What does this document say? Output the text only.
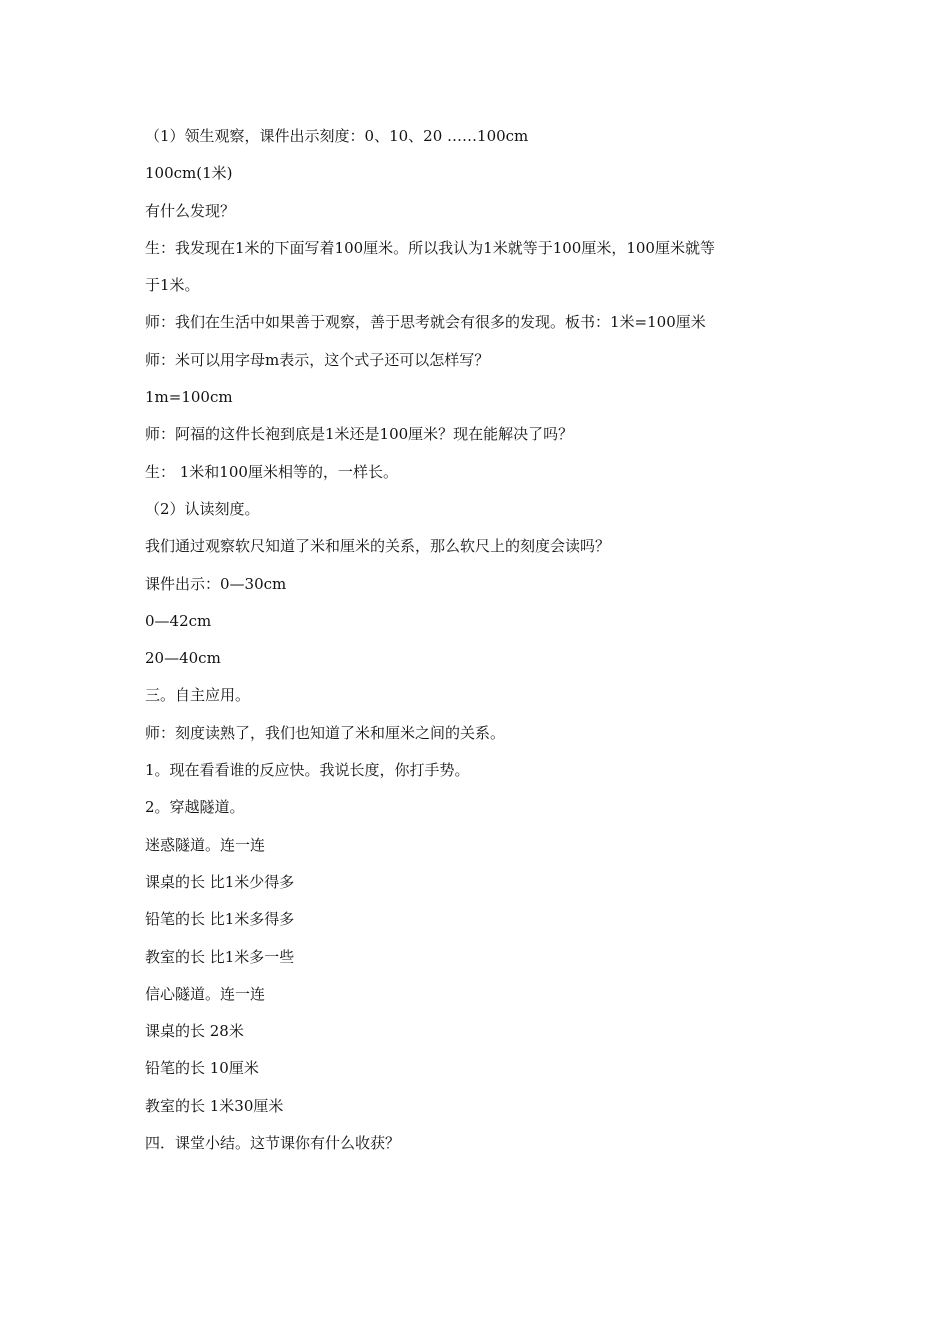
（1）领生观察，课件出示刻度：0、10、20 ……100cm
100cm(1米)
有什么发现？
生：我发现在1米的下面写着100厘米。所以我认为1米就等于100厘米，100厘米就等
于1米。
师：我们在生活中如果善于观察，善于思考就会有很多的发现。板书：1米=100厘米
师：米可以用字母m表示，这个式子还可以怎样写？
1m=100cm
师：阿福的这件长袍到底是1米还是100厘米？现在能解决了吗？
生： 1米和100厘米相等的，一样长。
（2）认读刻度。
我们通过观察软尺知道了米和厘米的关系，那么软尺上的刻度会读吗？
课件出示：0—30cm
0—42cm
20—40cm
三。自主应用。
师：刻度读熟了，我们也知道了米和厘米之间的关系。
1。现在看看谁的反应快。我说长度，你打手势。
2。穿越隧道。
迷惑隧道。连一连
课桌的长 比1米少得多
铅笔的长 比1米多得多
教室的长 比1米多一些
信心隧道。连一连
课桌的长 28米
铅笔的长 10厘米
教室的长 1米30厘米
四．课堂小结。这节课你有什么收获？
